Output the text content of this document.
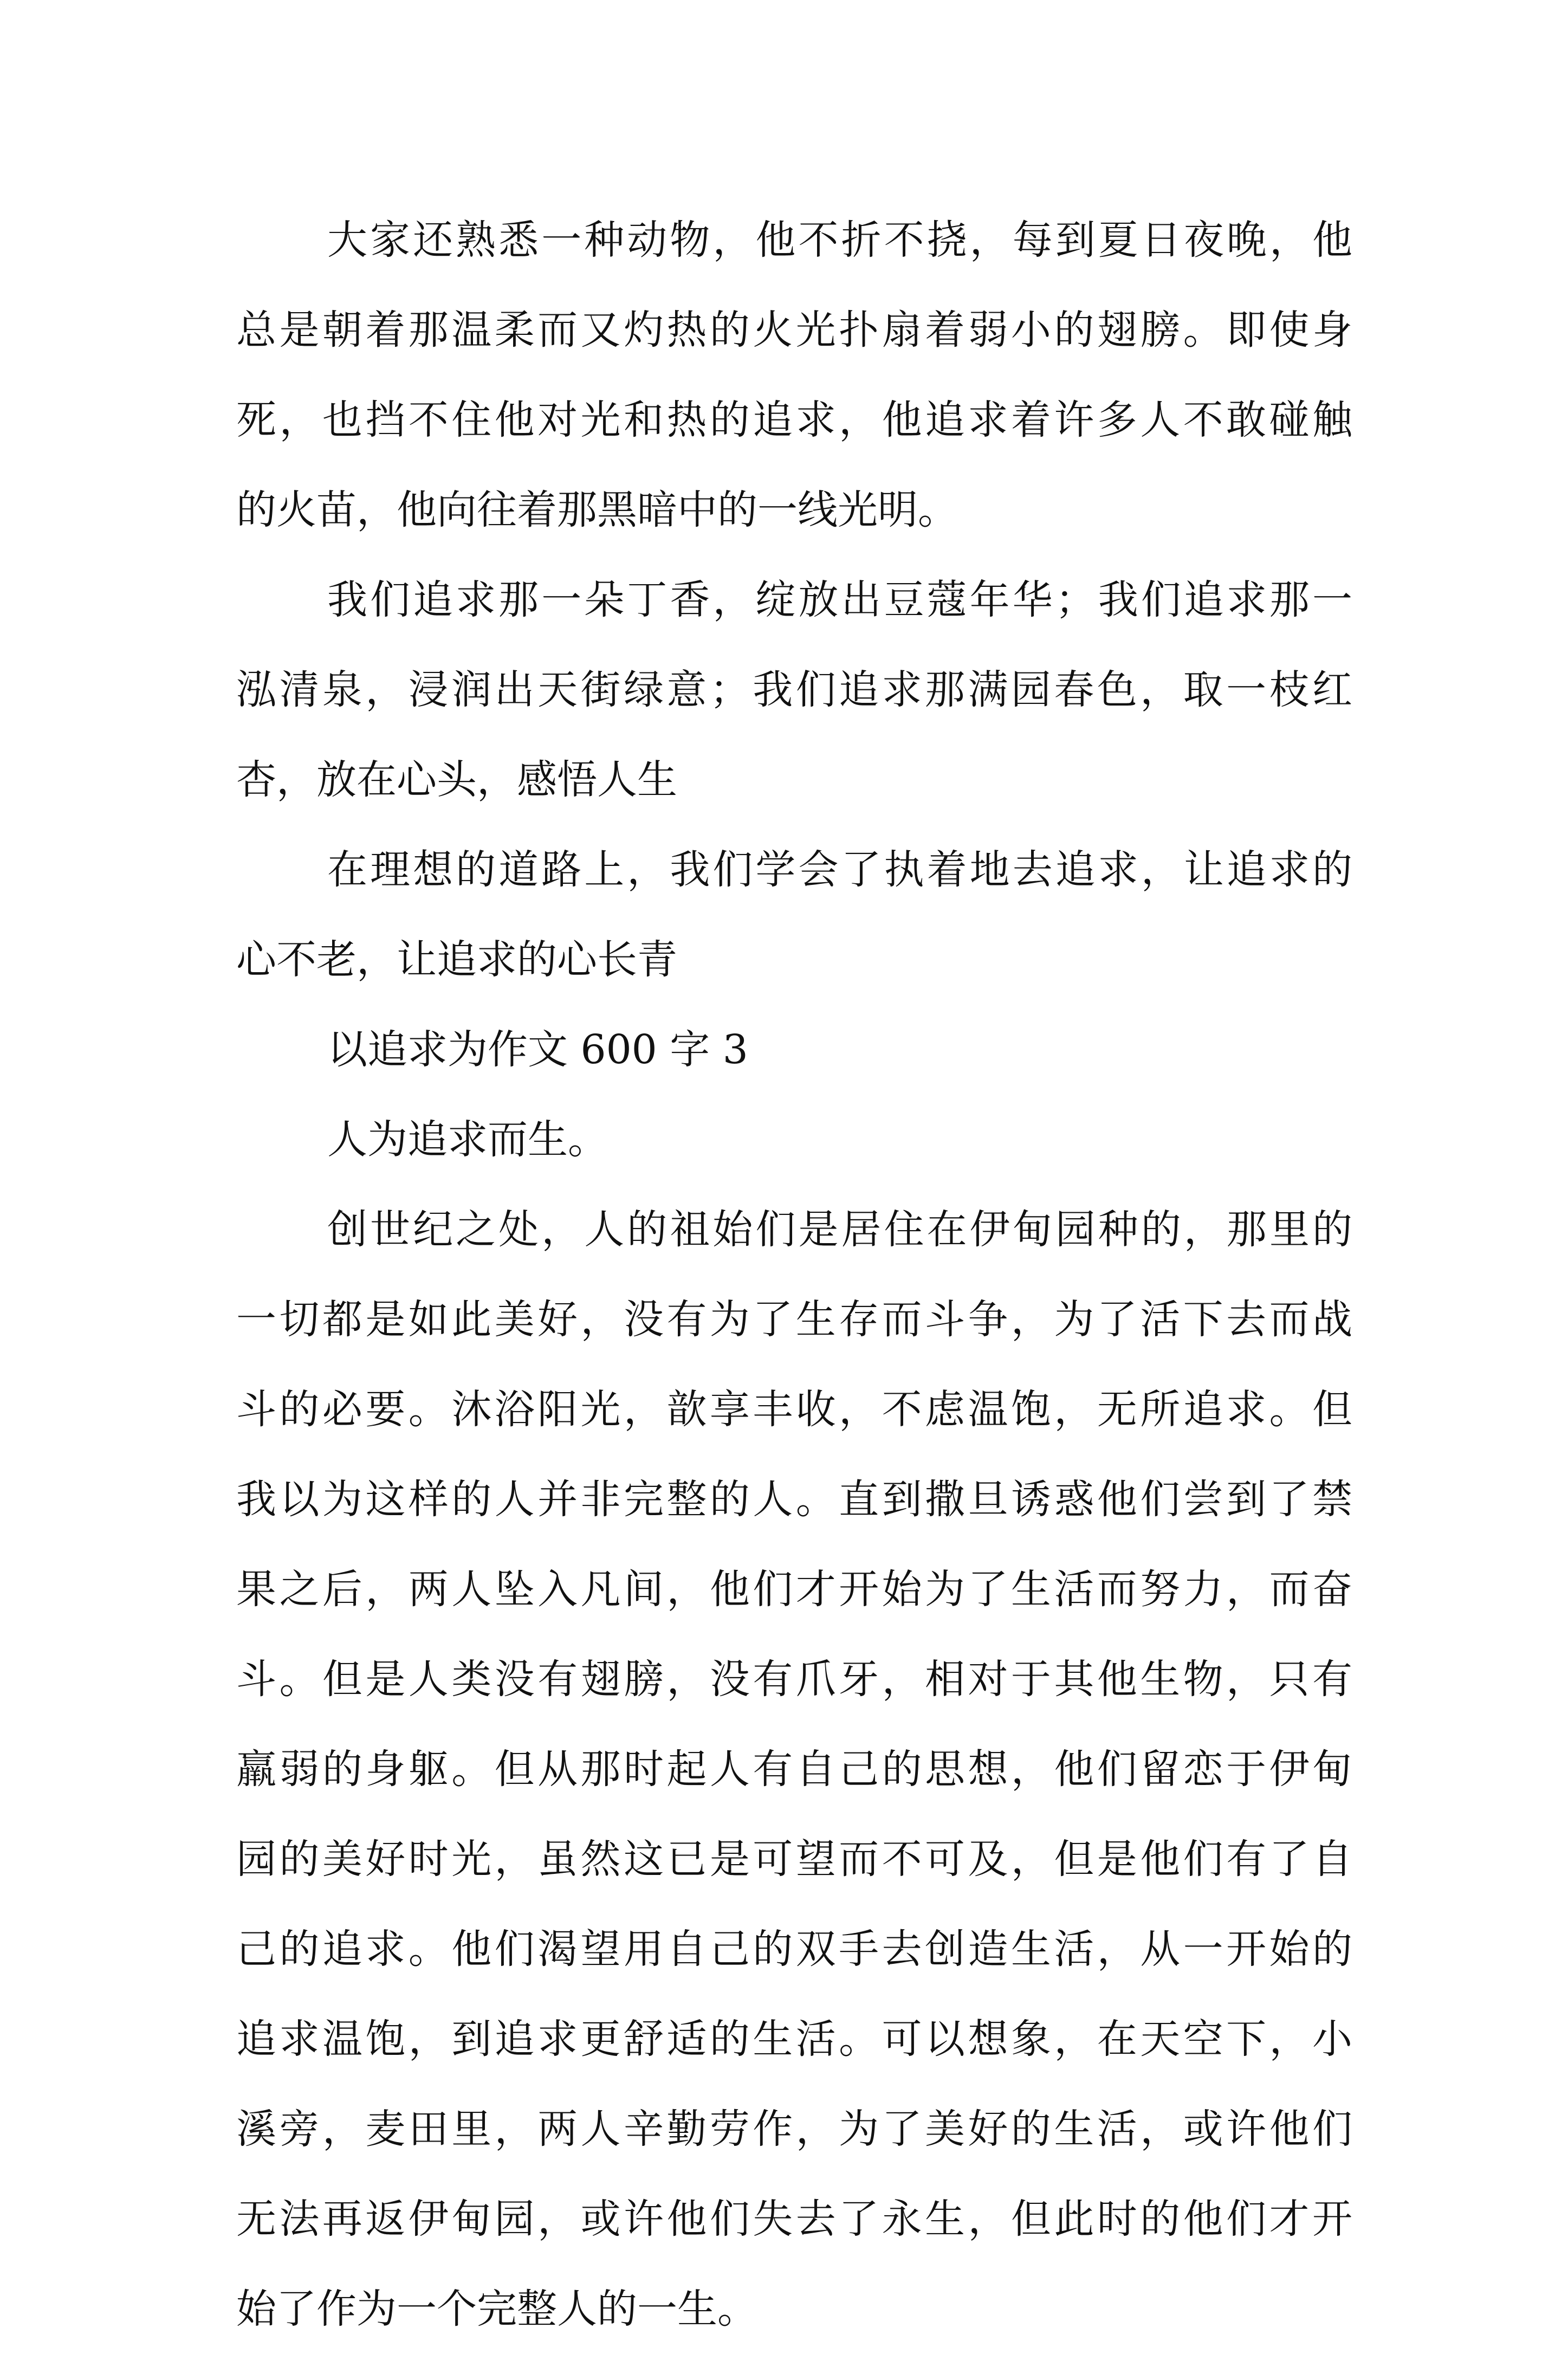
大家还熟悉一种动物，他不折不挠，每到夏日夜晚，他
总是朝着那温柔而又灼热的火光扑扇着弱小的翅膀。即使身
死，也挡不住他对光和热的追求，他追求着许多人不敢碰触
的火苗，他向往着那黑暗中的一线光明。
我们追求那一朵丁香，绽放出豆蔻年华；我们追求那一
泓清泉，浸润出天街绿意；我们追求那满园春色，取一枝红
杏，放在心头，感悟人生
在理想的道路上，我们学会了执着地去追求，让追求的
心不老，让追求的心长青
以追求为作文 600 字 3
人为追求而生。
创世纪之处，人的祖始们是居住在伊甸园种的，那里的
一切都是如此美好，没有为了生存而斗争，为了活下去而战
斗的必要。沐浴阳光，歆享丰收，不虑温饱，无所追求。但
我以为这样的人并非完整的人。直到撒旦诱惑他们尝到了禁
果之后，两人坠入凡间，他们才开始为了生活而努力，而奋
斗。但是人类没有翅膀，没有爪牙，相对于其他生物，只有
羸弱的身躯。但从那时起人有自己的思想，他们留恋于伊甸
园的美好时光，虽然这已是可望而不可及，但是他们有了自
己的追求。他们渴望用自己的双手去创造生活，从一开始的
追求温饱，到追求更舒适的生活。可以想象，在天空下，小
溪旁，麦田里，两人辛勤劳作，为了美好的生活，或许他们
无法再返伊甸园，或许他们失去了永生，但此时的他们才开
始了作为一个完整人的一生。
